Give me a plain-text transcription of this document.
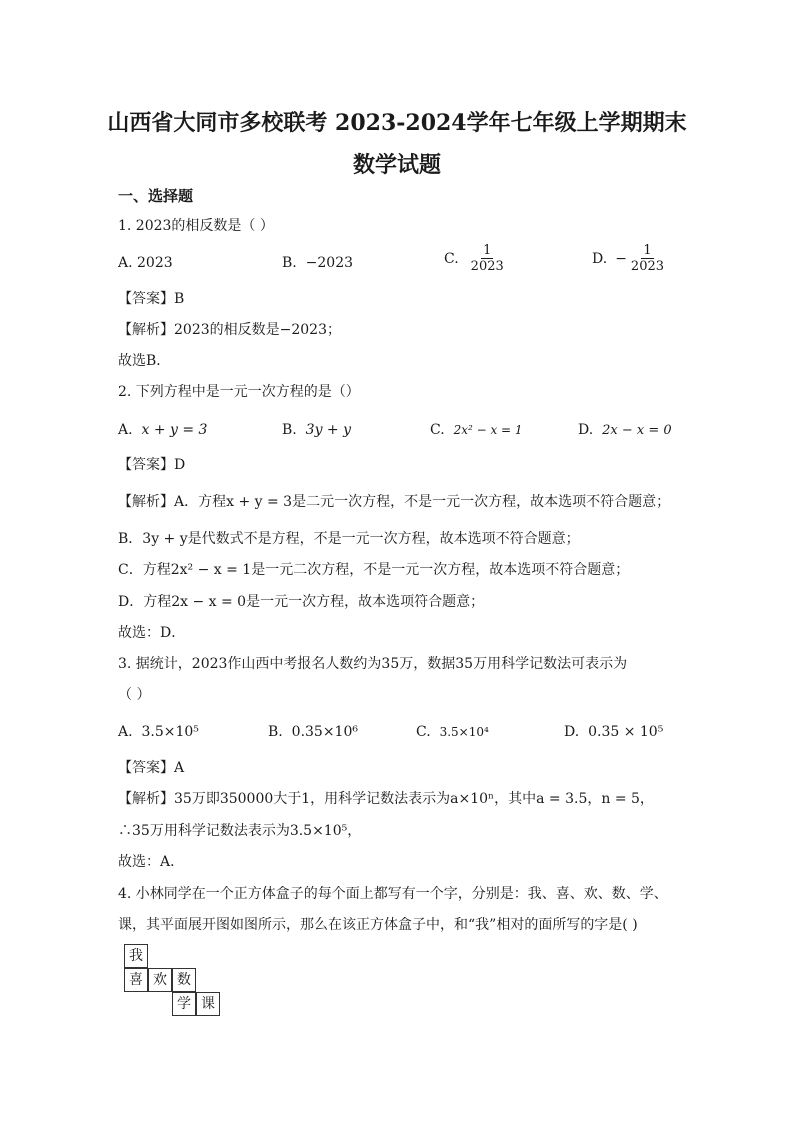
山西省大同市多校联考 2023-2024学年七年级上学期期末
数学试题
一、选择题
1. 2023的相反数是（ ）
A. 2023	B. −2023	C. $\frac{1}{2023}$	D. − $\frac{1}{2023}$
【答案】B
【解析】2023的相反数是−2023；
故选B．
2. 下列方程中是一元一次方程的是（）
A. x + y = 3	B. 3y + y	C. 2x² − x = 1	D. 2x − x = 0
【答案】D
【解析】A．方程x + y = 3是二元一次方程，不是一元一次方程，故本选项不符合题意；
B．3y + y是代数式不是方程，不是一元一次方程，故本选项不符合题意；
C．方程2x² − x = 1是一元二次方程，不是一元一次方程，故本选项不符合题意；
D．方程2x − x = 0是一元一次方程，故本选项符合题意；
故选：D．
3. 据统计，2023作山西中考报名人数约为35万，数据35万用科学记数法可表示为
（ ）
A. 3.5×10⁵	B. 0.35×10⁶	C. 3.5×10⁴	D. 0.35 × 10⁵
【答案】A
【解析】35万即350000大于1，用科学记数法表示为a×10ⁿ，其中a = 3.5，n = 5，
∴35万用科学记数法表示为3.5×10⁵，
故选：A．
4. 小林同学在一个正方体盒子的每个面上都写有一个字，分别是：我、喜、欢、数、学、
课，其平面展开图如图所示，那么在该正方体盒子中，和“我”相对的面所写的字是( )
我
喜 欢 数
学 课
